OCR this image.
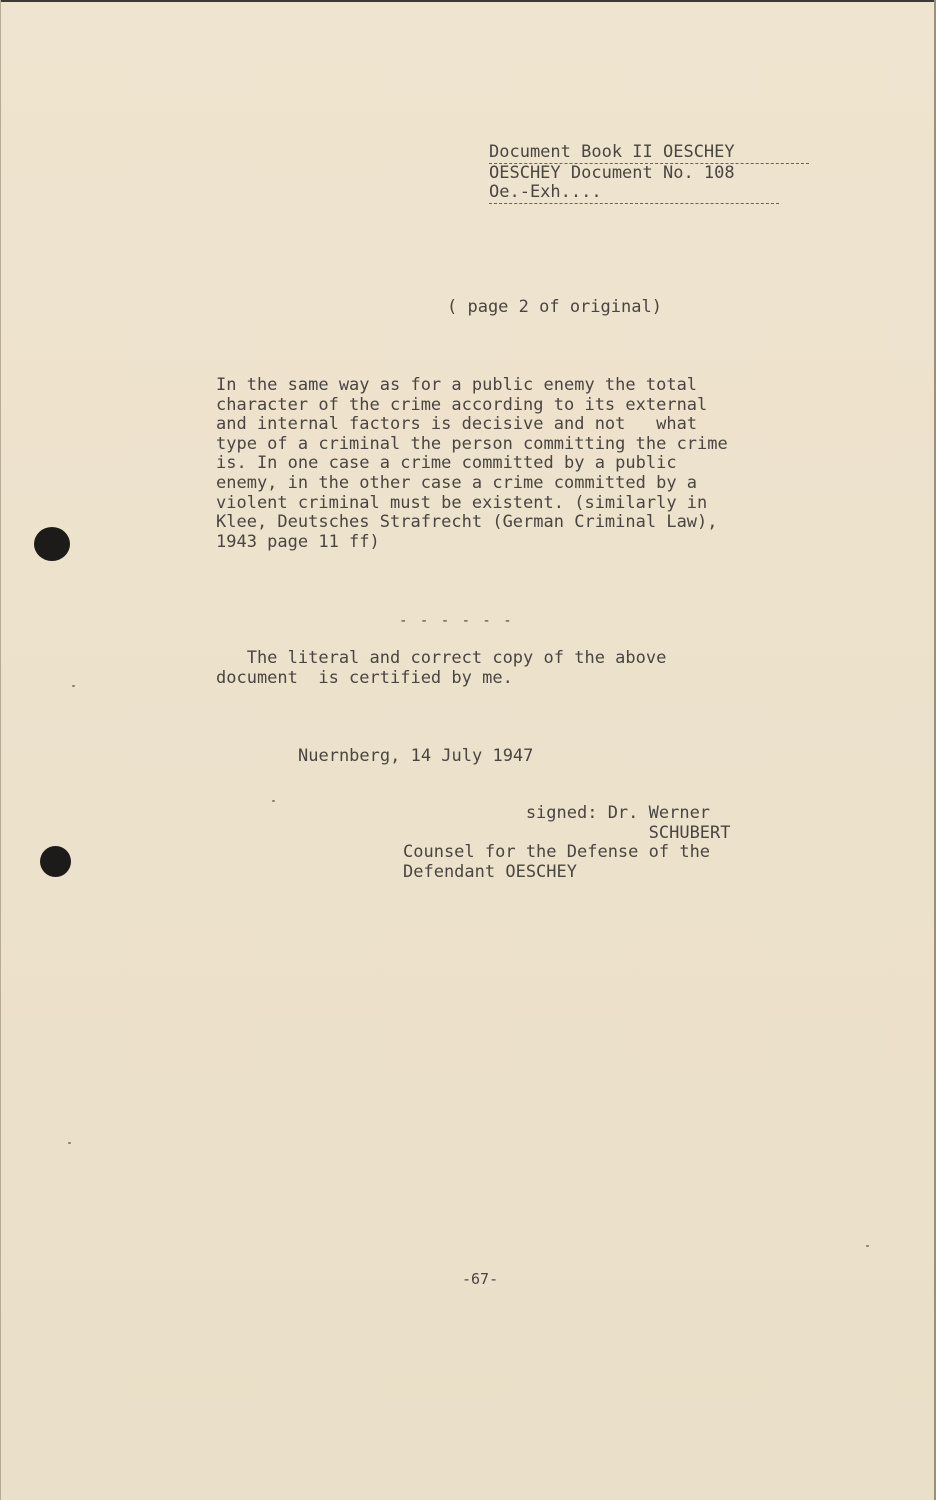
Document Book II OESCHEY
OESCHEY Document No. 108
Oe.-Exh....
( page 2 of original)
In the same way as for a public enemy the total
character of the crime according to its external
and internal factors is decisive and not   what
type of a criminal the person committing the crime
is. In one case a crime committed by a public
enemy, in the other case a crime committed by a
violent criminal must be existent. (similarly in
Klee, Deutsches Strafrecht (German Criminal Law),
1943 page 11 ff)
- - - - - -
The literal and correct copy of the above
document  is certified by me.
Nuernberg, 14 July 1947
signed: Dr. Werner
SCHUBERT
Counsel for the Defense of the
Defendant OESCHEY
-67-
